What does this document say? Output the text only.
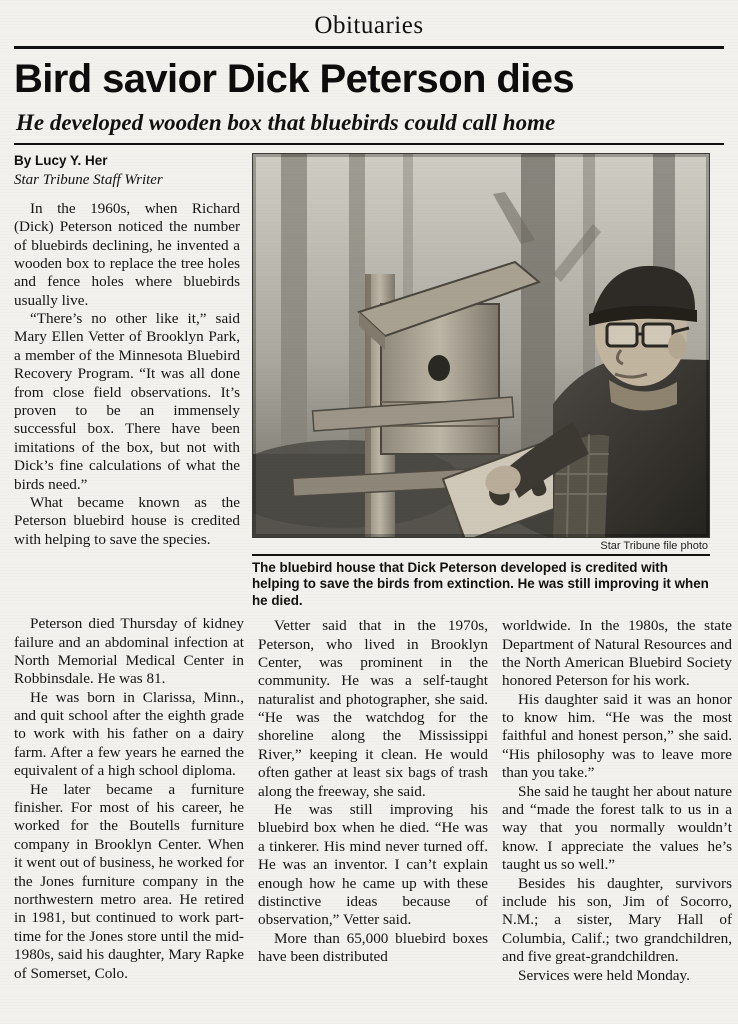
Obituaries
Bird savior Dick Peterson dies
He developed wooden box that bluebirds could call home
By Lucy Y. Her
Star Tribune Staff Writer

In the 1960s, when Richard (Dick) Peterson noticed the number of bluebirds declining, he invented a wooden box to replace the tree holes and fence holes where bluebirds usually live.

“There’s no other like it,” said Mary Ellen Vetter of Brooklyn Park, a member of the Minnesota Bluebird Recovery Program. “It was all done from close field observations. It’s proven to be an immensely successful box. There have been imitations of the box, but not with Dick’s fine calculations of what the birds need.”

What became known as the Peterson bluebird house is credited with helping to save the species.	Star Tribune file photo
The bluebird house that Dick Peterson developed is credited with helping to save the birds from extinction. He was still improving it when he died.

Peterson died Thursday of kidney failure and an abdominal infection at North Memorial Medical Center in Robbinsdale. He was 81.

He was born in Clarissa, Minn., and quit school after the eighth grade to work with his father on a dairy farm. After a few years he earned the equivalent of a high school diploma.

He later became a furniture finisher. For most of his career, he worked for the Boutells furniture company in Brooklyn Center. When it went out of business, he worked for the Jones furniture company in the northwestern metro area. He retired in 1981, but continued to work part-time for the Jones store until the mid-1980s, said his daughter, Mary Rapke of Somerset, Colo.

Vetter said that in the 1970s, Peterson, who lived in Brooklyn Center, was prominent in the community. He was a self-taught naturalist and photographer, she said. “He was the watchdog for the shoreline along the Mississippi River,” keeping it clean. He would often gather at least six bags of trash along the freeway, she said.

He was still improving his bluebird box when he died. “He was a tinkerer. His mind never turned off. He was an inventor. I can’t explain enough how he came up with these distinctive ideas because of observation,” Vetter said.

More than 65,000 bluebird boxes have been distributed

worldwide. In the 1980s, the state Department of Natural Resources and the North American Bluebird Society honored Peterson for his work.

His daughter said it was an honor to know him. “He was the most faithful and honest person,” she said. “His philosophy was to leave more than you take.”

She said he taught her about nature and “made the forest talk to us in a way that you normally wouldn’t know. I appreciate the values he’s taught us so well.”

Besides his daughter, survivors include his son, Jim of Socorro, N.M.; a sister, Mary Hall of Columbia, Calif.; two grandchildren, and five great-grandchildren.

Services were held Monday.
